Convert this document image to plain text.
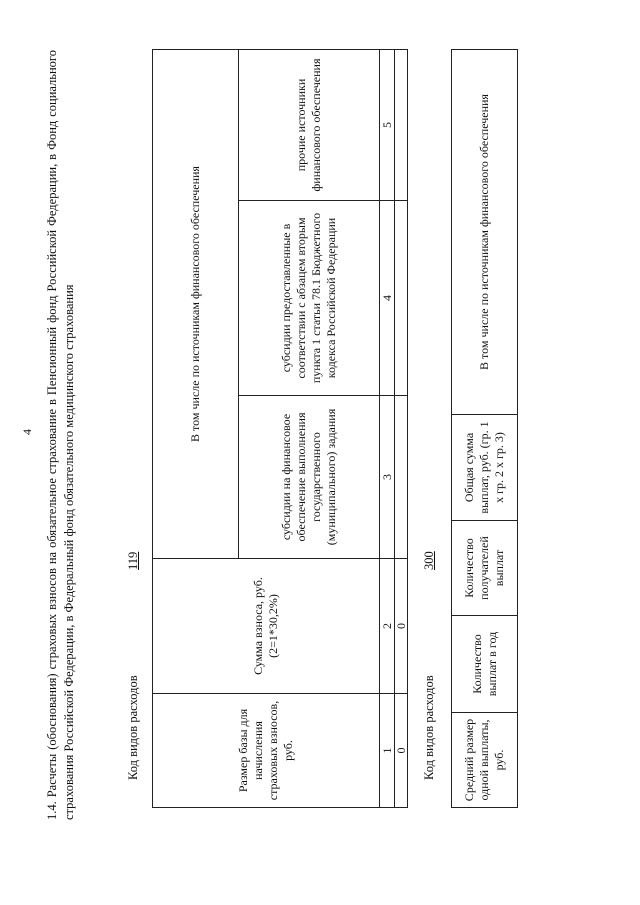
4 1.4. Расчеты (обоснования) страховых взносов на обязательное страхование в Пенсионный фонд Российской Федерации, в Фонд социального страхования Российской Федерации, в Федеральный фонд обязательного медицинского страхования	Код видов расходов
119
Размер базы для начисления страховых взносов, руб.
Сумма взноса, руб. (2=1*30,2%)
В том числе по источникам финансового обеспечения
субсидии на финансовое обеспечение выполнения государственного (муниципального) задания
субсидии предоставленные в соответствии с абзацем вторым пункта 1 статьи 78.1 Бюджетного кодекса Российской Федерации
прочие источники финансового обеспечения
1
2
3
4
5
0
0
Код видов расходов
300
Средний размер одной выплаты, руб.
Количество выплат в год
Количество получателей выплат
Общая сумма выплат, руб. (гр. 1 х гр. 2 х гр. 3)
В том числе по источникам финансового обеспечения
